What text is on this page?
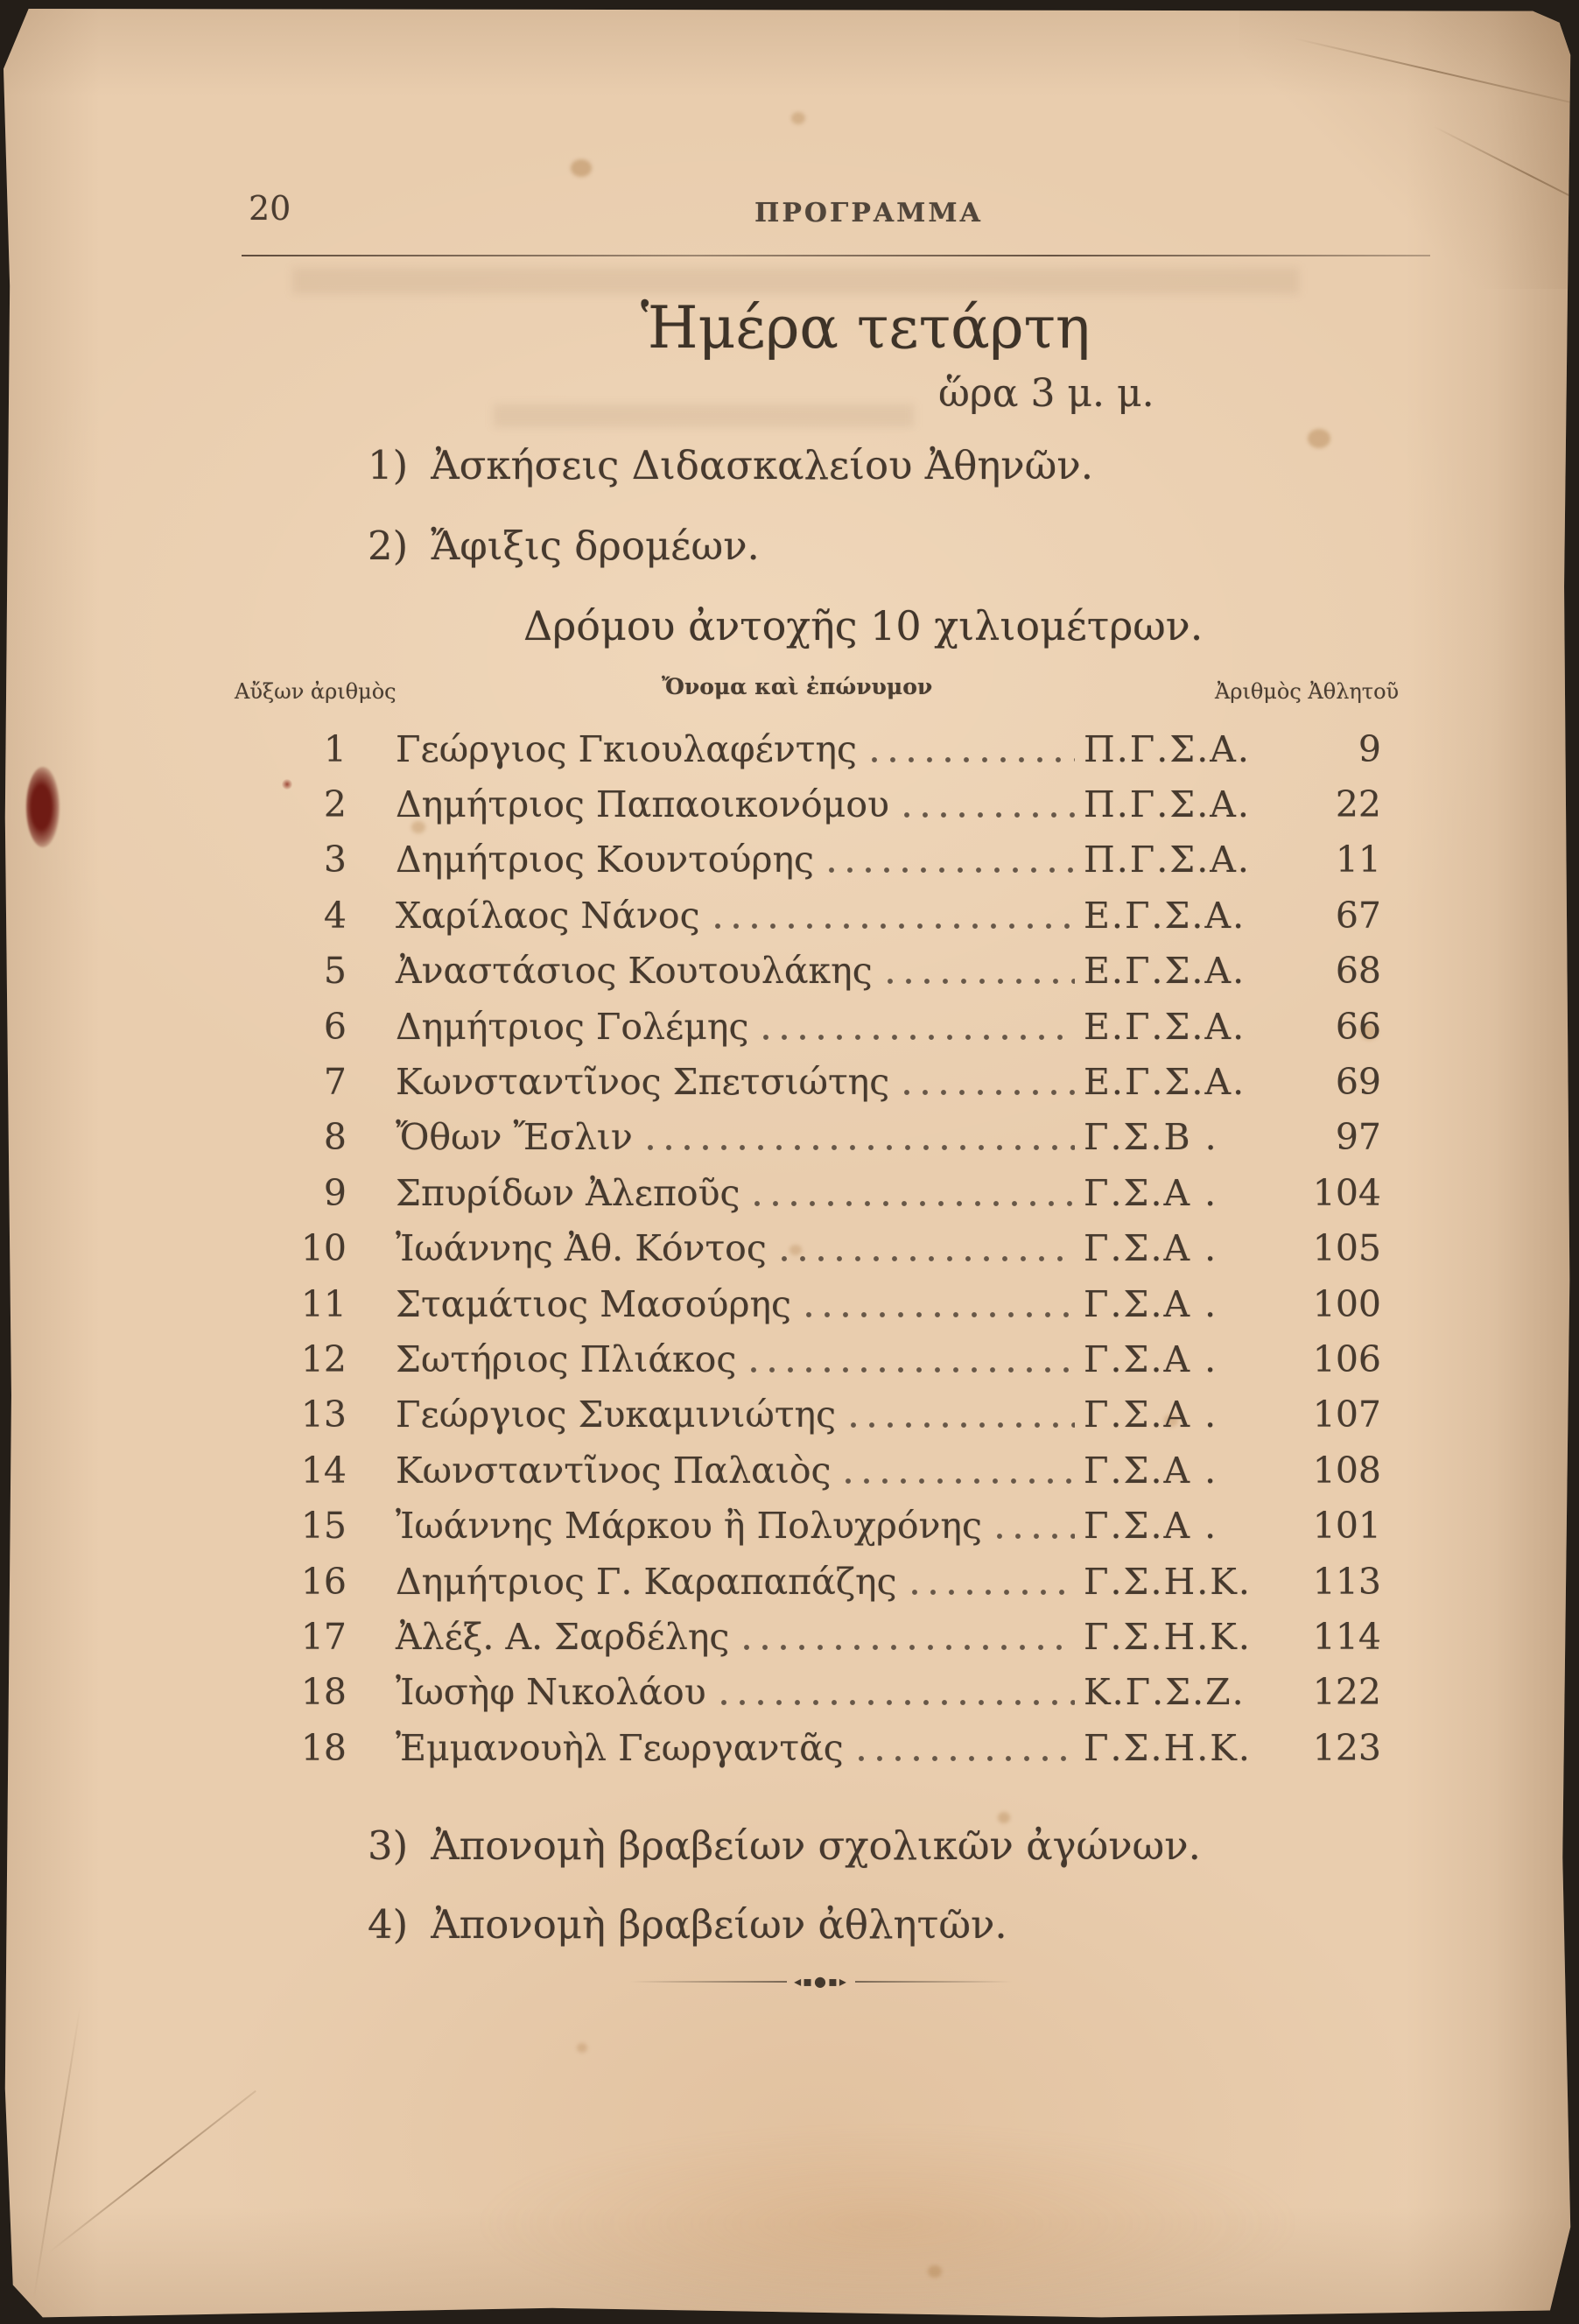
20	ΠΡΟΓΡΑΜΜΑ
Ἡμέρα τετάρτη
ὥρα 3 μ. μ.
1) Ἀσκήσεις Διδασκαλείου Ἀθηνῶν.
2) Ἄφιξις δρομέων.
Δρόμου ἀντοχῆς 10 χιλιομέτρων.
Αὔξων ἀριθμὸς	Ὄνομα καὶ ἐπώνυμον	Ἀριθμὸς Ἀθλητοῦ
1 Γεώργιος Γκιουλαφέντης	Π.Γ.Σ.Α.	9
2 Δημήτριος Παπαοικονόμου	Π.Γ.Σ.Α.	22
3 Δημήτριος Κουντούρης	Π.Γ.Σ.Α.	11
4 Χαρίλαος Νάνος	Ε.Γ.Σ.Α.	67
5 Ἀναστάσιος Κουτουλάκης	Ε.Γ.Σ.Α.	68
6 Δημήτριος Γολέμης	Ε.Γ.Σ.Α.	66
7 Κωνσταντῖνος Σπετσιώτης	Ε.Γ.Σ.Α.	69
8 Ὄθων Ἔσλιν	Γ.Σ.Β .	97
9 Σπυρίδων Ἀλεποῦς	Γ.Σ.Α .	104
10 Ἰωάννης Ἀθ. Κόντος	Γ.Σ.Α .	105
11 Σταμάτιος Μασούρης	Γ.Σ.Α .	100
12 Σωτήριος Πλιάκος	Γ.Σ.Α .	106
13 Γεώργιος Συκαμινιώτης	Γ.Σ.Α .	107
14 Κωνσταντῖνος Παλαιὸς	Γ.Σ.Α .	108
15 Ἰωάννης Μάρκου ἢ Πολυχρόνης	Γ.Σ.Α .	101
16 Δημήτριος Γ. Καραπαπάζης	Γ.Σ.Η.Κ.	113
17 Ἀλέξ. Α. Σαρδέλης	Γ.Σ.Η.Κ.	114
18 Ἰωσὴφ Νικολάου	Κ.Γ.Σ.Ζ.	122
18 Ἐμμανουὴλ Γεωργαντᾶς	Γ.Σ.Η.Κ.	123
3) Ἀπονομὴ βραβείων σχολικῶν ἀγώνων.
4) Ἀπονομὴ βραβείων ἀθλητῶν.
◂▪●▪▸
